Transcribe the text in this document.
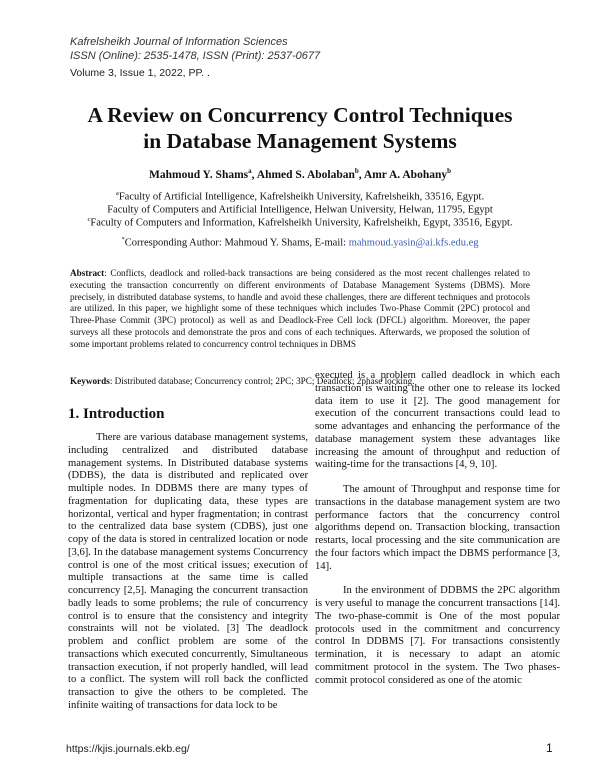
Kafrelsheikh Journal of Information Sciences
ISSN (Online): 2535-1478, ISSN (Print): 2537-0677
Volume 3, Issue 1, 2022, PP. .
A Review on Concurrency Control Techniques
in Database Management Systems
Mahmoud Y. Shams$^a$, Ahmed S. Abolaban$^b$, Amr A. Abohany$^b$
$^a$Faculty of Artificial Intelligence, Kafrelsheikh University, Kafrelsheikh, 33516, Egypt.
Faculty of Computers and Artificial Intelligence, Helwan University, Helwan, 11795, Egypt
$^c$Faculty of Computers and Information, Kafrelsheikh University, Kafrelsheikh, Egypt, 33516, Egypt.
*Corresponding Author: Mahmoud Y. Shams, E-mail: mahmoud.yasin@ai.kfs.edu.eg
Abstract: Conflicts, deadlock and rolled-back transactions are being considered as the most recent challenges related to executing the transaction concurrently on different environments of Database Management Systems (DBMS). More precisely, in distributed database systems, to handle and avoid these challenges, there are different techniques and protocols are utilized. In this paper, we highlight some of these techniques which includes Two-Phase Commit (2PC) protocol and Three-Phase Commit (3PC) protocol) as well as and Deadlock-Free Cell lock (DFCL) algorithm. Moreover, the paper surveys all these protocols and demonstrate the pros and cons of each techniques. Afterwards, we proposed the solution of some important problems related to concurrency control techniques in DBMS
Keywords: Distributed database; Concurrency control; 2PC; 3PC; Deadlock; 2phase locking.
1. Introduction

There are various database management systems, including centralized and distributed database management systems. In Distributed database systems (DDBS), the data is distributed and replicated over multiple nodes. In DDBMS there are many types of fragmentation for duplicating data, these types are horizontal, vertical and hyper fragmentation; in contrast to the centralized data base system (CDBS), just one copy of the data is stored in centralized location or node [3,6]. In the database management systems Concurrency control is one of the most critical issues; execution of multiple transactions at the same time is called concurrency [2,5]. Managing the concurrent transaction badly leads to some problems; the rule of concurrency control is to ensure that the consistency and integrity constraints will not be violated. [3] The deadlock problem and conflict problem are some of the transactions which executed concurrently, Simultaneous transaction execution, if not properly handled, will lead to a conflict. The system will roll back the conflicted transaction to give the others to be completed. The infinite waiting of transactions for data lock to be

executed is a problem called deadlock in which each transaction is waiting the other one to release its locked data item to use it [2]. The good management for execution of the concurrent transactions could lead to some advantages and enhancing the performance of the database management system these advantages like increasing the amount of throughput and reduction of waiting-time for the transactions [4, 9, 10].

The amount of Throughput and response time for transactions in the database management system are two performance factors that the concurrency control algorithms depend on. Transaction blocking, transaction restarts, local processing and the site communication are the four factors which impact the DBMS performance [3, 14].

In the environment of DDBMS the 2PC algorithm is very useful to manage the concurrent transactions [14]. The two-phase-commit is One of the most popular protocols used in the commitment and concurrency control In DDBMS [7]. For transactions consistently termination, it is necessary to adapt an atomic commitment protocol in the system. The Two phases-commit protocol considered as one of the atomic

https://kjis.journals.ekb.eg/	1
